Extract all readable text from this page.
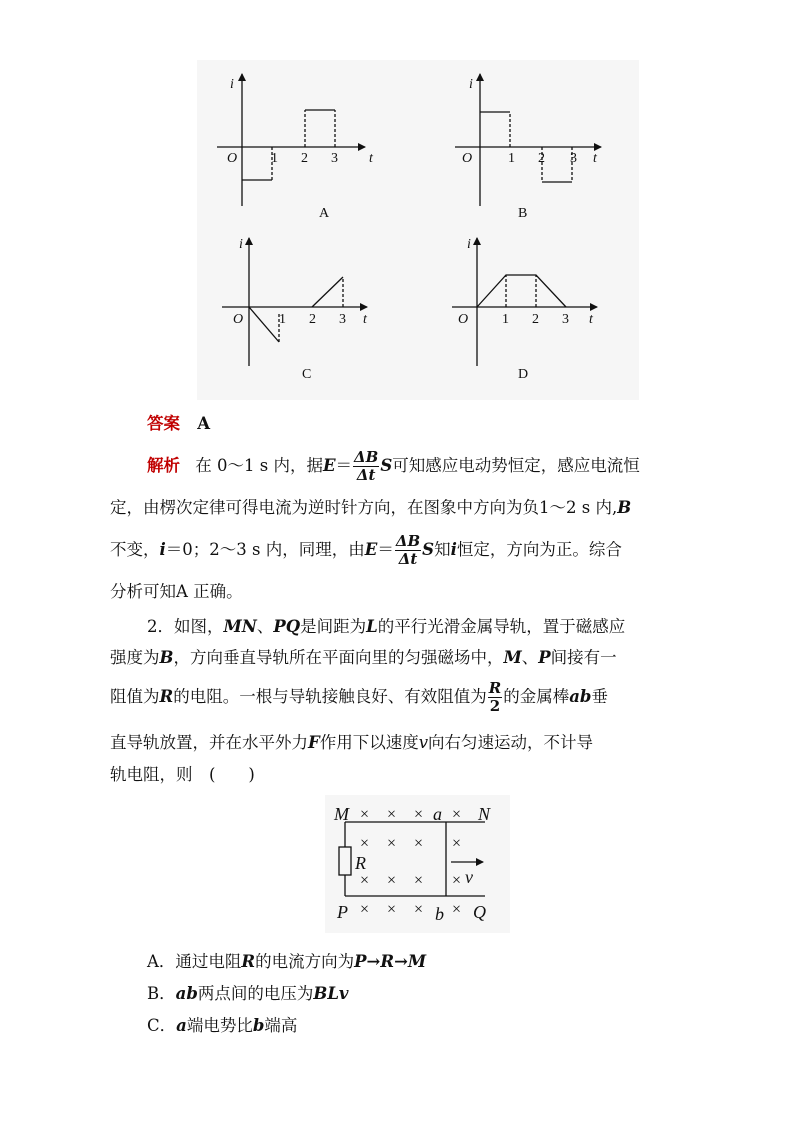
i
t
O 1 2 3
A
i
t
O	1 2 3
B
i
t
O	1 2 3
C
i
t
O 1 2 3
D
答案 A
解析 在 0～1 s 内，据$E= \frac{\Delta B}{\Delta t}$ S可知感应电动势恒定，感应电流恒
定，由楞次定律可得电流为逆时针方向，在图象中方向为负1～2 s 内,B
不变，i＝0；2～3 s 内，同理，由$E= \frac{\Delta B}{\Delta t}$ S知i恒定，方向为正。综合
分析可知A 正确。
2．如图，MN、PQ是间距为L的平行光滑金属导轨，置于磁感应
强度为B，方向垂直导轨所在平面向里的匀强磁场中，M、P间接有一
阻值为R的电阻。一根与导轨接触良好、有效阻值为 $\frac{R}{2}$ 的金属棒ab垂
直导轨放置，并在水平外力F作用下以速度v向右匀速运动，不计导
轨电阻，则　(　　)
M	N
P	Q
a
b
R
v
× × × ×
× × × ×
× × × ×
× × × ×
A．通过电阻R的电流方向为P→R→M
B．ab两点间的电压为BLv
C．a端电势比b端高
